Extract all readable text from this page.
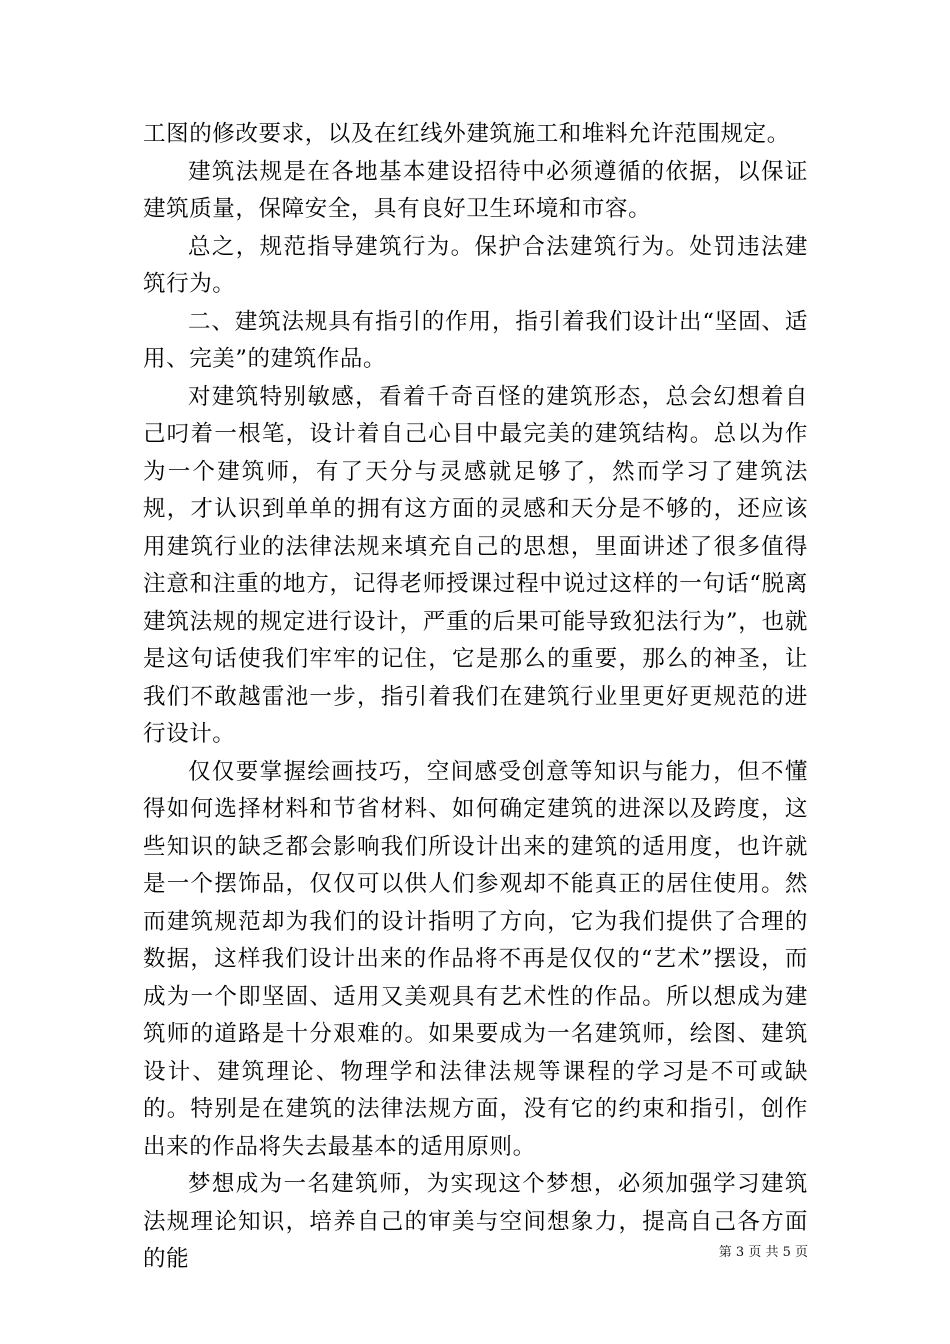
工图的修改要求，以及在红线外建筑施工和堆料允许范围规定。

建筑法规是在各地基本建设招待中必须遵循的依据，以保证建筑质量，保障安全，具有良好卫生环境和市容。

总之，规范指导建筑行为。保护合法建筑行为。处罚违法建筑行为。

二、建筑法规具有指引的作用，指引着我们设计出“坚固、适用、完美”的建筑作品。

对建筑特别敏感，看着千奇百怪的建筑形态，总会幻想着自己叼着一根笔，设计着自己心目中最完美的建筑结构。总以为作为一个建筑师，有了天分与灵感就足够了，然而学习了建筑法规，才认识到单单的拥有这方面的灵感和天分是不够的，还应该用建筑行业的法律法规来填充自己的思想，里面讲述了很多值得注意和注重的地方，记得老师授课过程中说过这样的一句话“脱离建筑法规的规定进行设计，严重的后果可能导致犯法行为”，也就是这句话使我们牢牢的记住，它是那么的重要，那么的神圣，让我们不敢越雷池一步，指引着我们在建筑行业里更好更规范的进行设计。

仅仅要掌握绘画技巧，空间感受创意等知识与能力，但不懂得如何选择材料和节省材料、如何确定建筑的进深以及跨度，这些知识的缺乏都会影响我们所设计出来的建筑的适用度，也许就是一个摆饰品，仅仅可以供人们参观却不能真正的居住使用。然而建筑规范却为我们的设计指明了方向，它为我们提供了合理的数据，这样我们设计出来的作品将不再是仅仅的“艺术”摆设，而成为一个即坚固、适用又美观具有艺术性的作品。所以想成为建筑师的道路是十分艰难的。如果要成为一名建筑师，绘图、建筑设计、建筑理论、物理学和法律法规等课程的学习是不可或缺的。特别是在建筑的法律法规方面，没有它的约束和指引，创作出来的作品将失去最基本的适用原则。

梦想成为一名建筑师，为实现这个梦想，必须加强学习建筑法规理论知识，培养自己的审美与空间想象力，提高自己各方面的能	第 3 页 共 5 页
